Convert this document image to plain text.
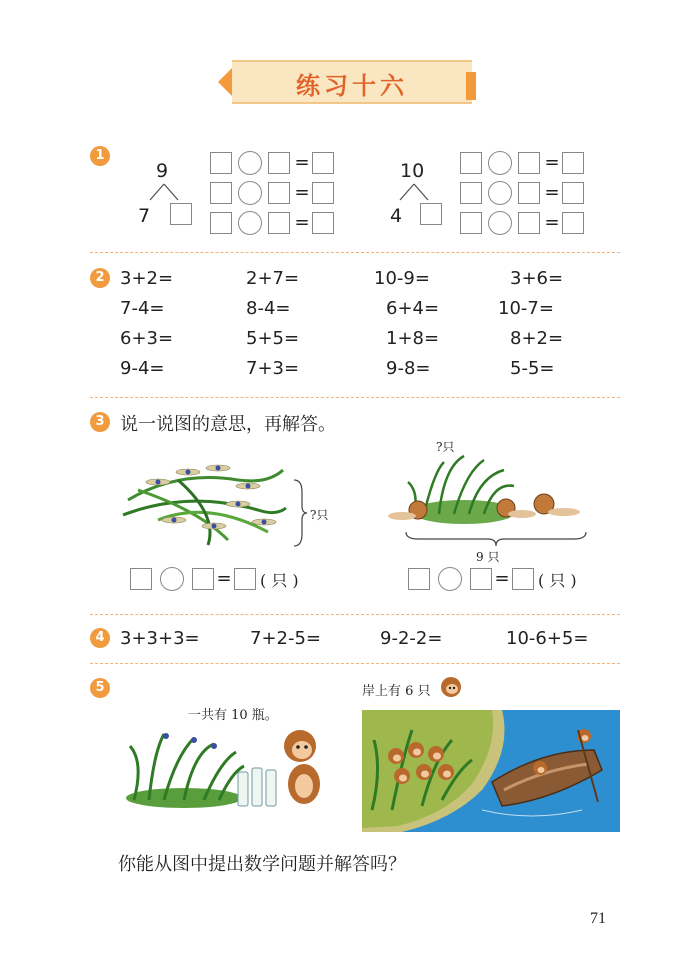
练习十六
1
9
7
=
=
=
10
4
=
=
=
2 3+2=	2+7=	10-9=	3+6=
7-4=	8-4=	6+4=	10-7=
6+3=	5+5=	1+8=	8+2=
9-4=	7+3=	9-8=	5-5=
3 说一说图的意思，再解答。
?只
= ( 只 )
?只
9 只
= ( 只 )
4 3+3+3=	7+2-5=	9-2-2=	10-6+5=
5
一共有 10 瓶。
岸上有 6 只
你能从图中提出数学问题并解答吗？
71
